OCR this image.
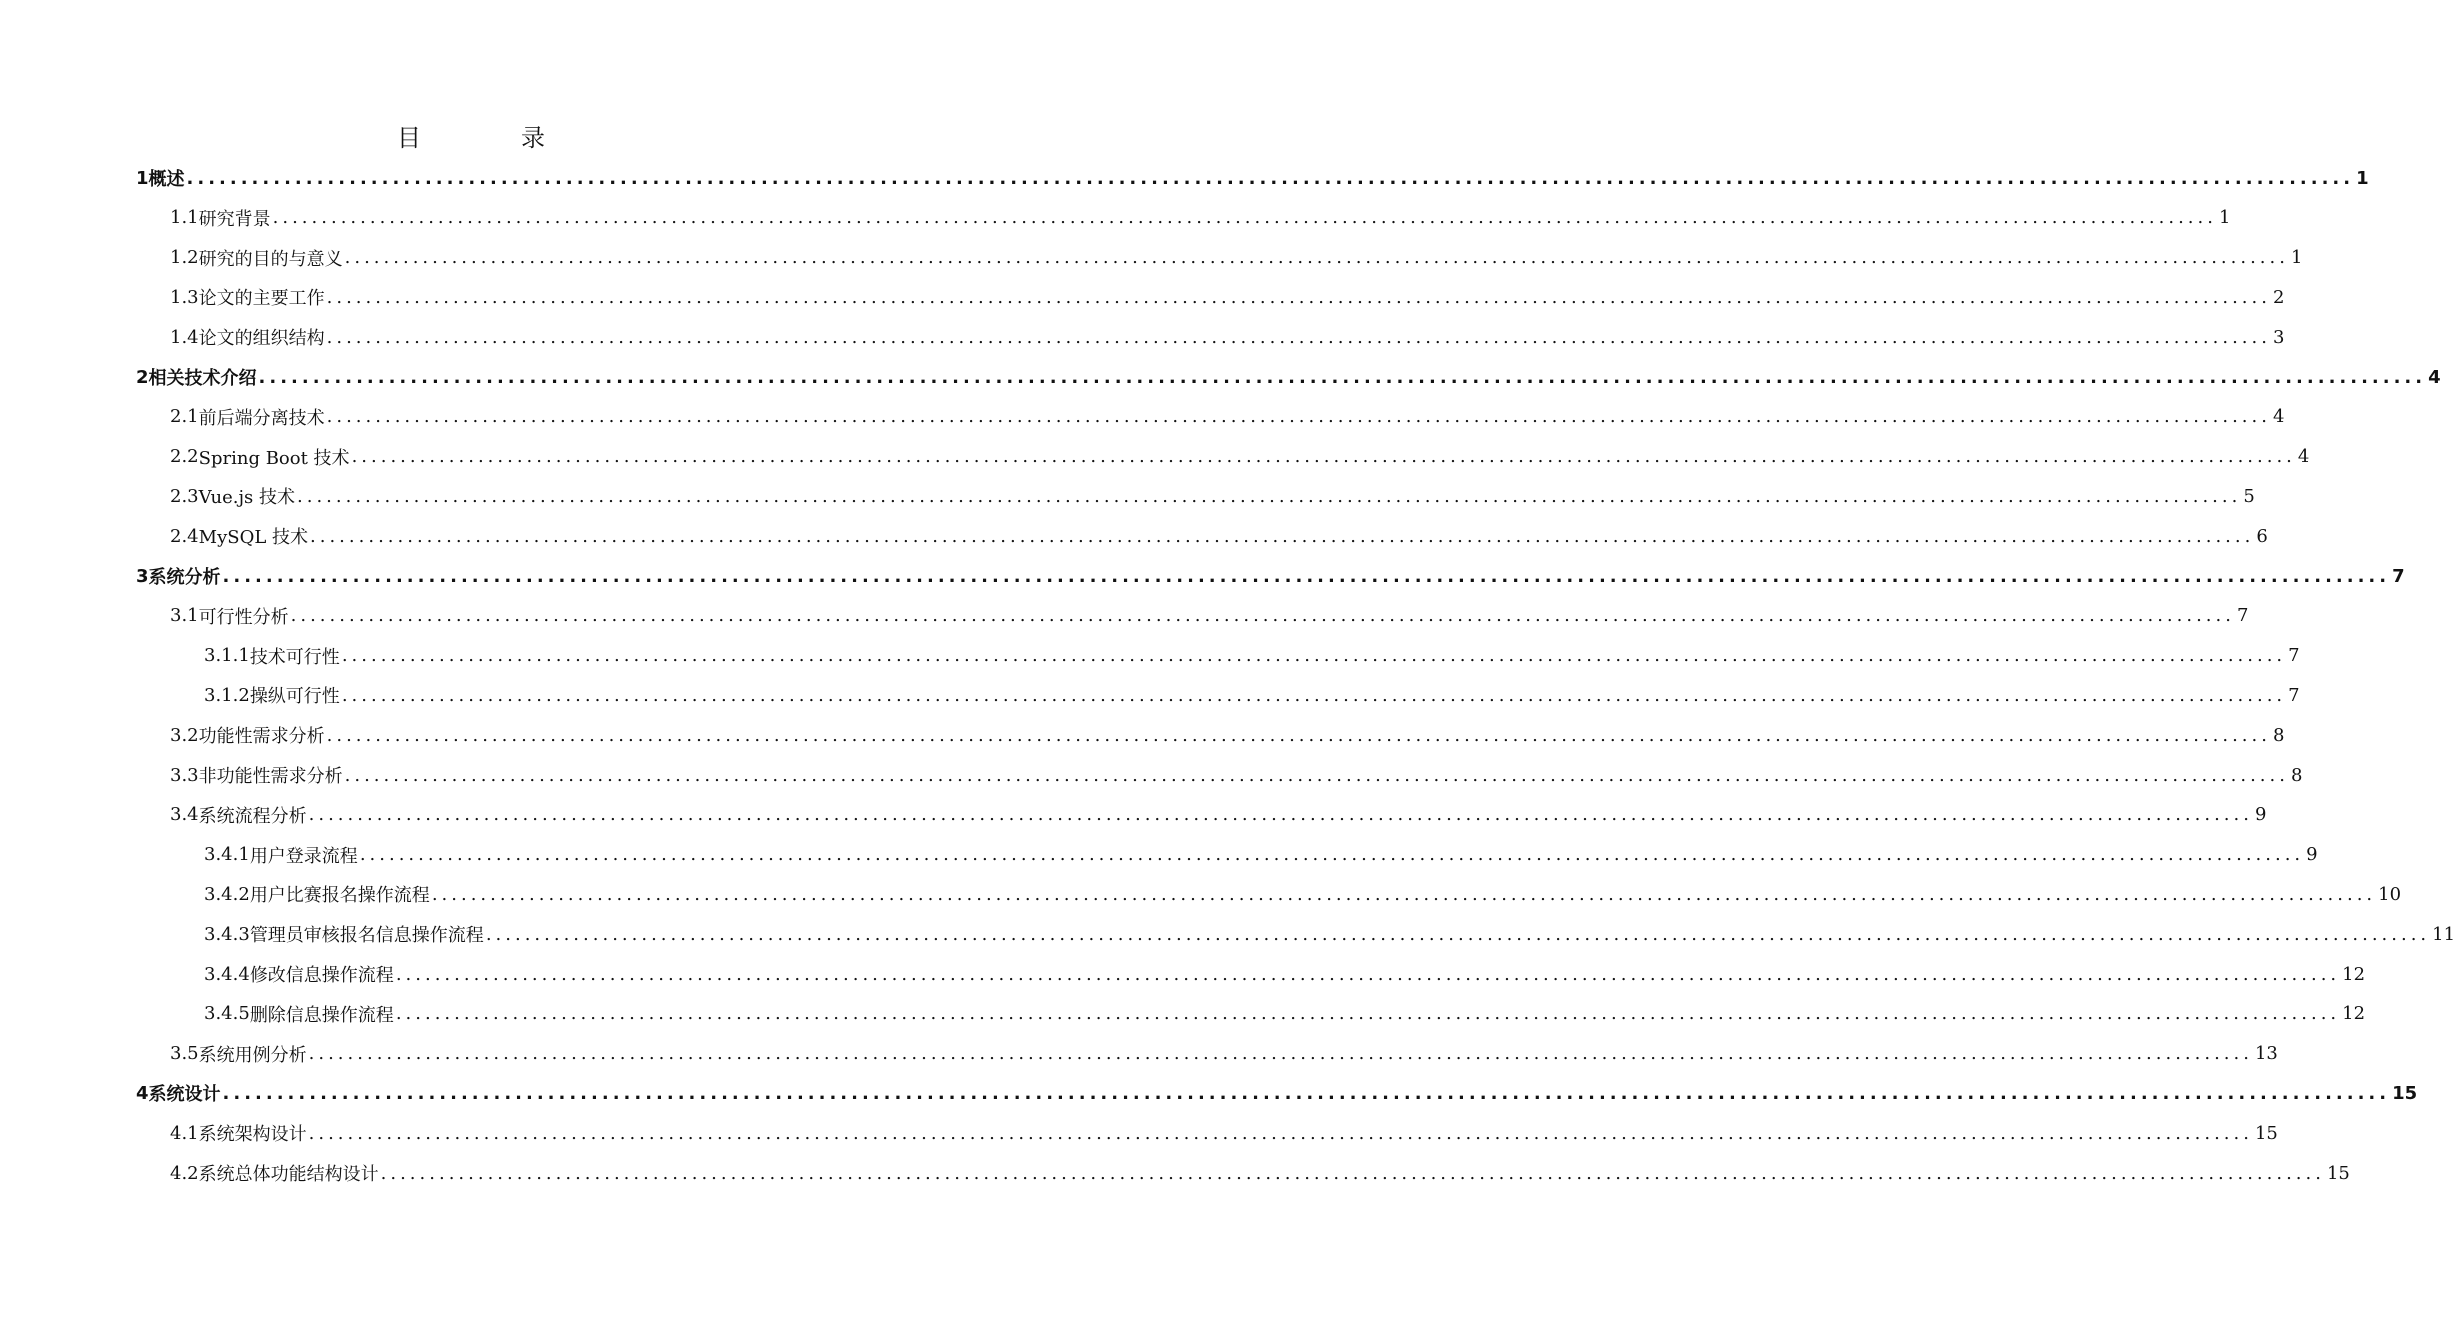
目　录
1 概述 ........................................................................................................................................................................................................ 1
1.1 研究背景 ........................................................................................................................................................................................................ 1
1.2 研究的目的与意义 ........................................................................................................................................................................................................ 1
1.3 论文的主要工作 ........................................................................................................................................................................................................ 2
1.4 论文的组织结构 ........................................................................................................................................................................................................ 3
2 相关技术介绍 ........................................................................................................................................................................................................ 4
2.1 前后端分离技术 ........................................................................................................................................................................................................ 4
2.2 Spring Boot 技术 ........................................................................................................................................................................................................ 4
2.3 Vue.js 技术 ........................................................................................................................................................................................................ 5
2.4 MySQL 技术 ........................................................................................................................................................................................................ 6
3 系统分析 ........................................................................................................................................................................................................ 7
3.1 可行性分析 ........................................................................................................................................................................................................ 7
3.1.1 技术可行性 ........................................................................................................................................................................................................ 7
3.1.2 操纵可行性 ........................................................................................................................................................................................................ 7
3.2 功能性需求分析 ........................................................................................................................................................................................................ 8
3.3 非功能性需求分析 ........................................................................................................................................................................................................ 8
3.4 系统流程分析 ........................................................................................................................................................................................................ 9
3.4.1 用户登录流程 ........................................................................................................................................................................................................ 9
3.4.2 用户比赛报名操作流程 ........................................................................................................................................................................................................ 10
3.4.3 管理员审核报名信息操作流程 ........................................................................................................................................................................................................ 11
3.4.4 修改信息操作流程 ........................................................................................................................................................................................................ 12
3.4.5 删除信息操作流程 ........................................................................................................................................................................................................ 12
3.5 系统用例分析 ........................................................................................................................................................................................................ 13
4 系统设计 ........................................................................................................................................................................................................ 15
4.1 系统架构设计 ........................................................................................................................................................................................................ 15
4.2 系统总体功能结构设计 ........................................................................................................................................................................................................ 15
